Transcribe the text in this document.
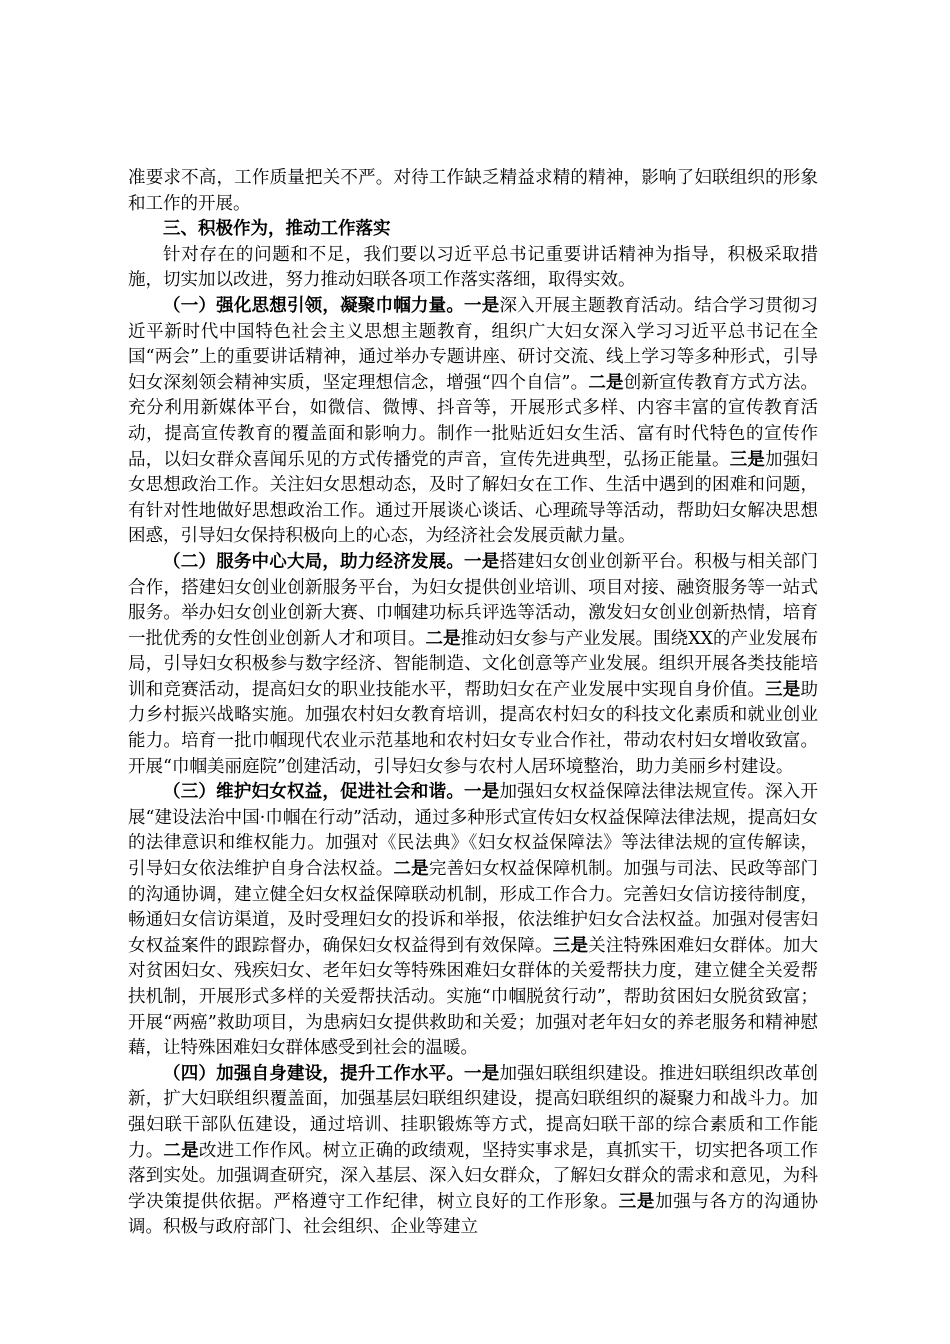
准要求不高，工作质量把关不严。对待工作缺乏精益求精的精神，影响了妇联组织的形象和工作的开展。

三、积极作为，推动工作落实

针对存在的问题和不足，我们要以习近平总书记重要讲话精神为指导，积极采取措施，切实加以改进，努力推动妇联各项工作落实落细，取得实效。

（一）强化思想引领，凝聚巾帼力量。一是深入开展主题教育活动。结合学习贯彻习近平新时代中国特色社会主义思想主题教育，组织广大妇女深入学习习近平总书记在全国“两会”上的重要讲话精神，通过举办专题讲座、研讨交流、线上学习等多种形式，引导妇女深刻领会精神实质，坚定理想信念，增强“四个自信”。二是创新宣传教育方式方法。充分利用新媒体平台，如微信、微博、抖音等，开展形式多样、内容丰富的宣传教育活动，提高宣传教育的覆盖面和影响力。制作一批贴近妇女生活、富有时代特色的宣传作品，以妇女群众喜闻乐见的方式传播党的声音，宣传先进典型，弘扬正能量。三是加强妇女思想政治工作。关注妇女思想动态，及时了解妇女在工作、生活中遇到的困难和问题，有针对性地做好思想政治工作。通过开展谈心谈话、心理疏导等活动，帮助妇女解决思想困惑，引导妇女保持积极向上的心态，为经济社会发展贡献力量。

（二）服务中心大局，助力经济发展。一是搭建妇女创业创新平台。积极与相关部门合作，搭建妇女创业创新服务平台，为妇女提供创业培训、项目对接、融资服务等一站式服务。举办妇女创业创新大赛、巾帼建功标兵评选等活动，激发妇女创业创新热情，培育一批优秀的女性创业创新人才和项目。二是推动妇女参与产业发展。围绕XX的产业发展布局，引导妇女积极参与数字经济、智能制造、文化创意等产业发展。组织开展各类技能培训和竞赛活动，提高妇女的职业技能水平，帮助妇女在产业发展中实现自身价值。三是助力乡村振兴战略实施。加强农村妇女教育培训，提高农村妇女的科技文化素质和就业创业能力。培育一批巾帼现代农业示范基地和农村妇女专业合作社，带动农村妇女增收致富。开展“巾帼美丽庭院”创建活动，引导妇女参与农村人居环境整治，助力美丽乡村建设。

（三）维护妇女权益，促进社会和谐。一是加强妇女权益保障法律法规宣传。深入开展“建设法治中国·巾帼在行动”活动，通过多种形式宣传妇女权益保障法律法规，提高妇女的法律意识和维权能力。加强对《民法典》《妇女权益保障法》等法律法规的宣传解读，引导妇女依法维护自身合法权益。二是完善妇女权益保障机制。加强与司法、民政等部门的沟通协调，建立健全妇女权益保障联动机制，形成工作合力。完善妇女信访接待制度，畅通妇女信访渠道，及时受理妇女的投诉和举报，依法维护妇女合法权益。加强对侵害妇女权益案件的跟踪督办，确保妇女权益得到有效保障。三是关注特殊困难妇女群体。加大对贫困妇女、残疾妇女、老年妇女等特殊困难妇女群体的关爱帮扶力度，建立健全关爱帮扶机制，开展形式多样的关爱帮扶活动。实施“巾帼脱贫行动”，帮助贫困妇女脱贫致富；开展“两癌”救助项目，为患病妇女提供救助和关爱；加强对老年妇女的养老服务和精神慰藉，让特殊困难妇女群体感受到社会的温暖。

（四）加强自身建设，提升工作水平。一是加强妇联组织建设。推进妇联组织改革创新，扩大妇联组织覆盖面，加强基层妇联组织建设，提高妇联组织的凝聚力和战斗力。加强妇联干部队伍建设，通过培训、挂职锻炼等方式，提高妇联干部的综合素质和工作能力。二是改进工作作风。树立正确的政绩观，坚持实事求是，真抓实干，切实把各项工作落到实处。加强调查研究，深入基层、深入妇女群众，了解妇女群众的需求和意见，为科学决策提供依据。严格遵守工作纪律，树立良好的工作形象。三是加强与各方的沟通协调。积极与政府部门、社会组织、企业等建立
